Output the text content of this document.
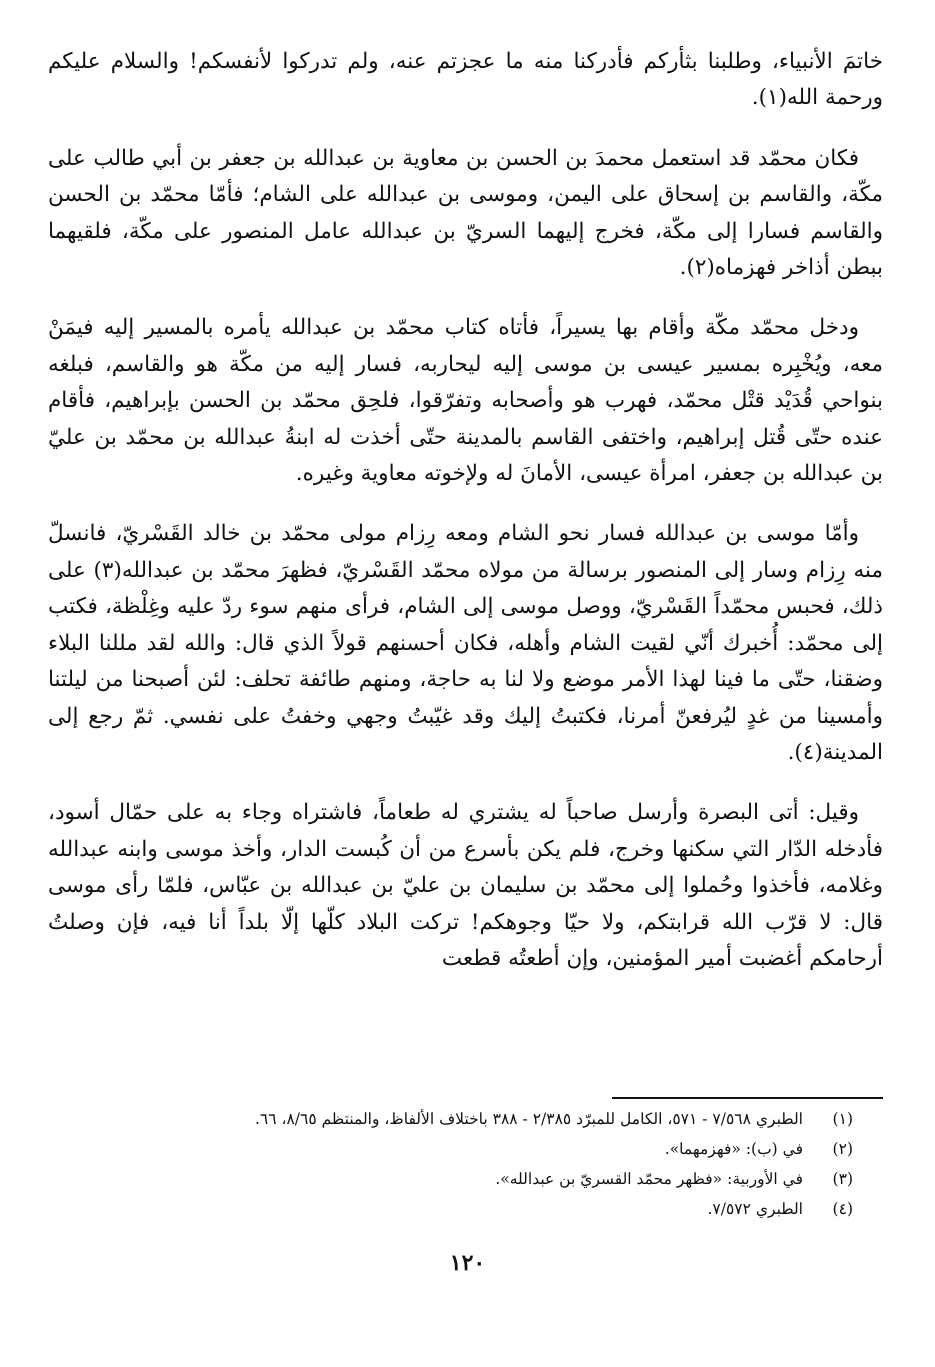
خاتمَ الأنبياء، وطلبنا بثأركم فأدركنا منه ما عجزتم عنه، ولم تدركوا لأنفسكم! والسلام عليكم ورحمة الله(١).

فكان محمّد قد استعمل محمدَ بن الحسن بن معاوية بن عبدالله بن جعفر بن أبي طالب على مكّة، والقاسم بن إسحاق على اليمن، وموسى بن عبدالله على الشام؛ فأمّا محمّد بن الحسن والقاسم فسارا إلى مكّة، فخرج إليهما السريّ بن عبدالله عامل المنصور على مكّة، فلقيهما ببطن أذاخر فهزماه(٢).

ودخل محمّد مكّة وأقام بها يسيراً، فأتاه كتاب محمّد بن عبدالله يأمره بالمسير إليه فيمَنْ معه، ويُخْبِره بمسير عيسى بن موسى إليه ليحاربه، فسار إليه من مكّة هو والقاسم، فبلغه بنواحي قُدَيْد قتْل محمّد، فهرب هو وأصحابه وتفرّقوا، فلحِق محمّد بن الحسن بإبراهيم، فأقام عنده حتّى قُتل إبراهيم، واختفى القاسم بالمدينة حتّى أخذت له ابنةُ عبدالله بن محمّد بن عليّ بن عبدالله بن جعفر، امرأة عيسى، الأمانَ له ولإخوته معاوية وغيره.

وأمّا موسى بن عبدالله فسار نحو الشام ومعه رِزام مولى محمّد بن خالد القَسْريّ، فانسلّ منه رِزام وسار إلى المنصور برسالة من مولاه محمّد القَسْريّ، فظهرَ محمّد بن عبدالله(٣) على ذلك، فحبس محمّداً القَسْريّ، ووصل موسى إلى الشام، فرأى منهم سوء ردّ عليه وغِلْظة، فكتب إلى محمّد: أُخبرك أنّي لقيت الشام وأهله، فكان أحسنهم قولاً الذي قال: والله لقد مللنا البلاء وضقنا، حتّى ما فينا لهذا الأمر موضع ولا لنا به حاجة، ومنهم طائفة تحلف: لئن أصبحنا من ليلتنا وأمسينا من غدٍ ليُرفعنّ أمرنا، فكتبتُ إليك وقد غيّبتُ وجهي وخفتُ على نفسي. ثمّ رجع إلى المدينة(٤).

وقيل: أتى البصرة وأرسل صاحباً له يشتري له طعاماً، فاشتراه وجاء به على حمّال أسود، فأدخله الدّار التي سكنها وخرج، فلم يكن بأسرع من أن كُبست الدار، وأخذ موسى وابنه عبدالله وغلامه، فأخذوا وحُملوا إلى محمّد بن سليمان بن عليّ بن عبدالله بن عبّاس، فلمّا رأى موسى قال: لا قرّب الله قرابتكم، ولا حيّا وجوهكم! تركت البلاد كلّها إلّا بلداً أنا فيه، فإن وصلتُ أرحامكم أغضبت أمير المؤمنين، وإن أطعتُه قطعت

(١)
الطبري ٧/٥٦٨ - ٥٧١، الكامل للمبرّد ٢/٣٨٥ - ٣٨٨ باختلاف الألفاظ، والمنتظم ٨/٦٥، ٦٦.
(٢)
في (ب): «فهزمهما».
(٣)
في الأوربية: «فظهر محمّد القسريّ بن عبدالله».
(٤)
الطبري ٧/٥٧٢.
١٢٠
